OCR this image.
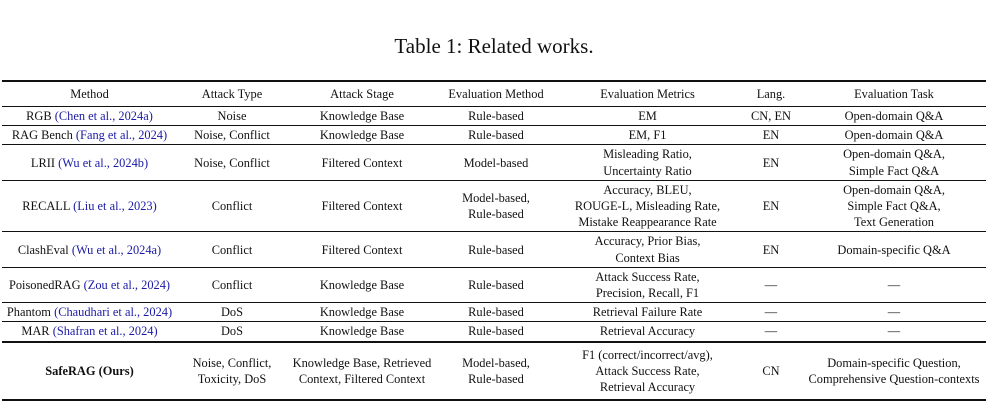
Table 1: Related works.
Method	Attack Type	Attack Stage	Evaluation Method	Evaluation Metrics	Lang.	Evaluation Task
RGB (Chen et al., 2024a)	Noise	Knowledge Base	Rule-based	EM	CN, EN	Open-domain Q&A

RAG Bench (Fang et al., 2024)	Noise, Conflict	Knowledge Base	Rule-based	EM, F1	EN	Open-domain Q&A

LRII (Wu et al., 2024b)	Noise, Conflict	Filtered Context	Model-based	Misleading Ratio,
Uncertainty Ratio	EN	Open-domain Q&A,
Simple Fact Q&A

RECALL (Liu et al., 2023)	Conflict	Filtered Context	Model-based,
Rule-based	Accuracy, BLEU,
ROUGE-L, Misleading Rate,
Mistake Reappearance Rate	EN	Open-domain Q&A,
Simple Fact Q&A,
Text Generation

ClashEval (Wu et al., 2024a)	Conflict	Filtered Context	Rule-based	Accuracy, Prior Bias,
Context Bias	EN	Domain-specific Q&A

PoisonedRAG (Zou et al., 2024)	Conflict	Knowledge Base	Rule-based	Attack Success Rate,
Precision, Recall, F1	—	—

Phantom (Chaudhari et al., 2024)	DoS	Knowledge Base	Rule-based	Retrieval Failure Rate	—	—

MAR (Shafran et al., 2024)	DoS	Knowledge Base	Rule-based	Retrieval Accuracy	—	—

SafeRAG (Ours)	Noise, Conflict,
Toxicity, DoS	Knowledge Base, Retrieved
Context, Filtered Context	Model-based,
Rule-based	F1 (correct/incorrect/avg),
Attack Success Rate,
Retrieval Accuracy	CN	Domain-specific Question,
Comprehensive Question-contexts
